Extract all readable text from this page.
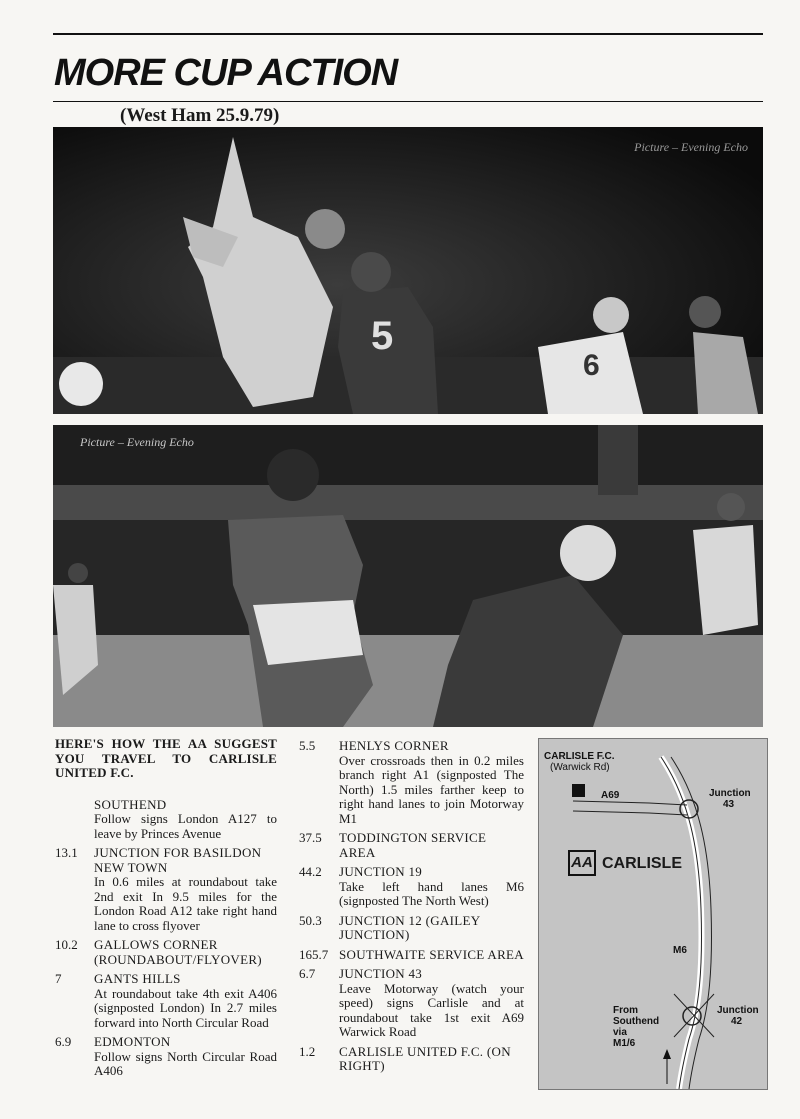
MORE CUP ACTION
(West Ham 25.9.79)
5
6
Picture – Evening Echo
Picture – Evening Echo
HERE'S HOW THE AA SUGGEST YOU TRAVEL TO CARLISLE UNITED F.C.
SOUTHEND
Follow signs London A127 to leave by Princes Avenue
13.1	JUNCTION FOR BASILDON NEW TOWN
In 0.6 miles at roundabout take 2nd exit In 9.5 miles for the London Road A12 take right hand lane to cross flyover
10.2	GALLOWS CORNER (ROUNDABOUT/FLYOVER)
7	GANTS HILLS
At roundabout take 4th exit A406 (signposted London) In 2.7 miles forward into North Circular Road
6.9	EDMONTON
Follow signs North Circular Road A406
5.5	HENLYS CORNER
Over crossroads then in 0.2 miles branch right A1 (signposted The North) 1.5 miles farther keep to right hand lanes to join Motorway M1
37.5	TODDINGTON SERVICE AREA
44.2	JUNCTION 19
Take left hand lanes M6 (signposted The North West)
50.3	JUNCTION 12 (GAILEY JUNCTION)
165.7 SOUTHWAITE SERVICE AREA
6.7	JUNCTION 43
Leave Motorway (watch your speed) signs Carlisle and at roundabout take 1st exit A69 Warwick Road
1.2	CARLISLE UNITED F.C. (ON RIGHT)
CARLISLE F.C.
(Warwick Rd)
A69	Junction
43
AA CARLISLE
M6
From
Southend
via
M1/6
Junction
42
